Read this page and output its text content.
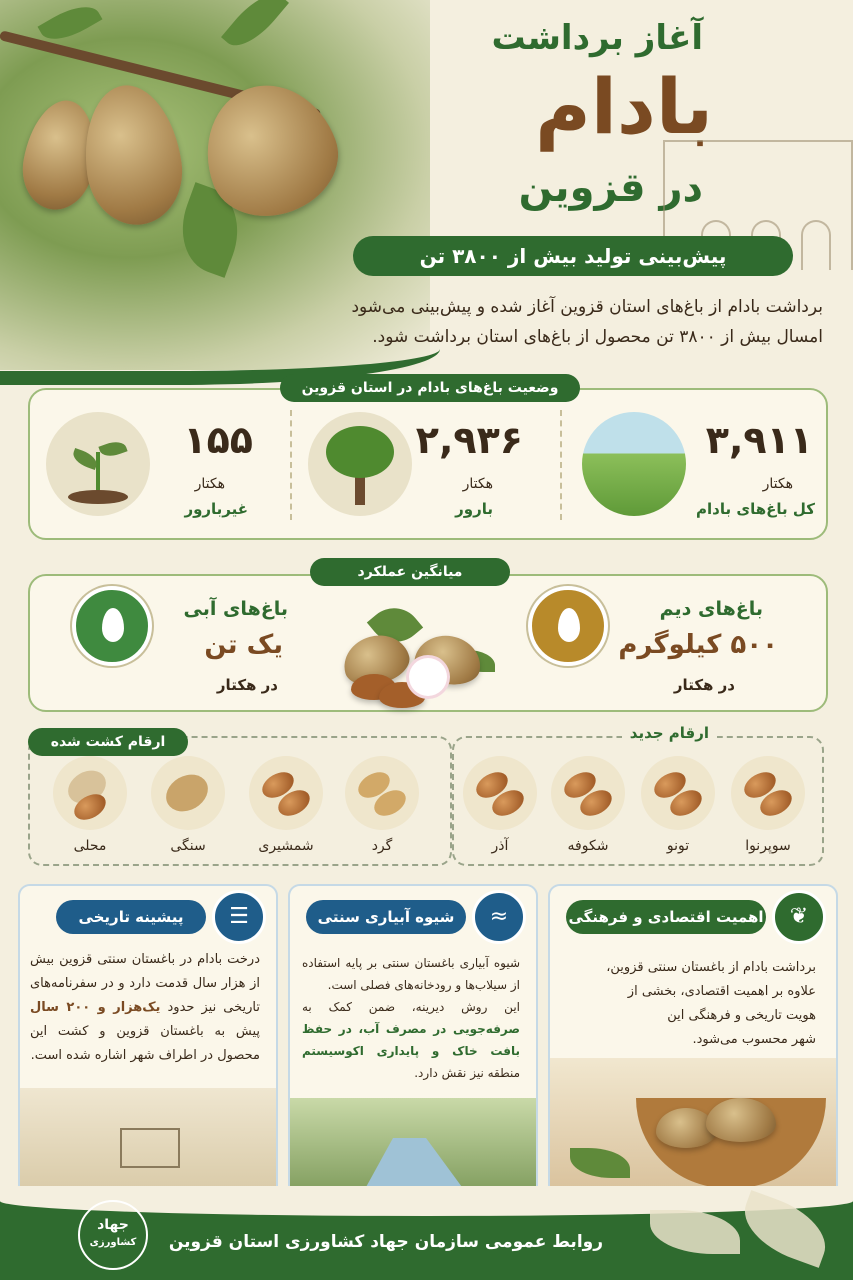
آغاز برداشت
بادام
در قزوین
پیش‌بینی تولید بیش از ۳۸۰۰ تن
برداشت بادام از باغ‌های استان قزوین آغاز شده و پیش‌بینی می‌شود
امسال بیش از ۳۸۰۰ تن محصول از باغ‌های استان برداشت شود.
وضعیت باغ‌های بادام در استان قزوین
۳,۹۱۱
هکتار
کل باغ‌های بادام
۲,۹۳۶
هکتار
بارور
۱۵۵
هکتار
غیربارور
میانگین عملکرد
باغ‌های دیم
۵۰۰ کیلوگرم
در هکتار
باغ‌های آبی
یک تن
در هکتار
ارقام جدید
ارقام کشت شده
سوپرنوا
تونو
شکوفه
آذر
گرد
شمشیری
سنگی
محلی
اهمیت اقتصادی و فرهنگی	❦
برداشت بادام از باغستان سنتی قزوین،
علاوه بر اهمیت اقتصادی، بخشی از
هویت تاریخی و فرهنگی این
شهر محسوب می‌شود.
شیوه آبیاری سنتی	≈
شیوه آبیاری باغستان سنتی بر پایه استفاده از سیلاب‌ها و رودخانه‌های فصلی است.
این روش دیرینه، ضمن کمک به صرفه‌جویی در مصرف آب، در حفظ بافت خاک و پایداری اکوسیستم منطقه نیز نقش دارد.
پیشینه تاریخی	☰
درخت بادام در باغستان سنتی قزوین بیش از هزار سال قدمت دارد و در سفرنامه‌های تاریخی نیز حدود یک‌هزار و ۲۰۰ سال پیش به باغستان قزوین و کشت این محصول در اطراف شهر اشاره شده است.
جهاد
کشاورزی	روابط عمومی سازمان جهاد کشاورزی استان قزوین
